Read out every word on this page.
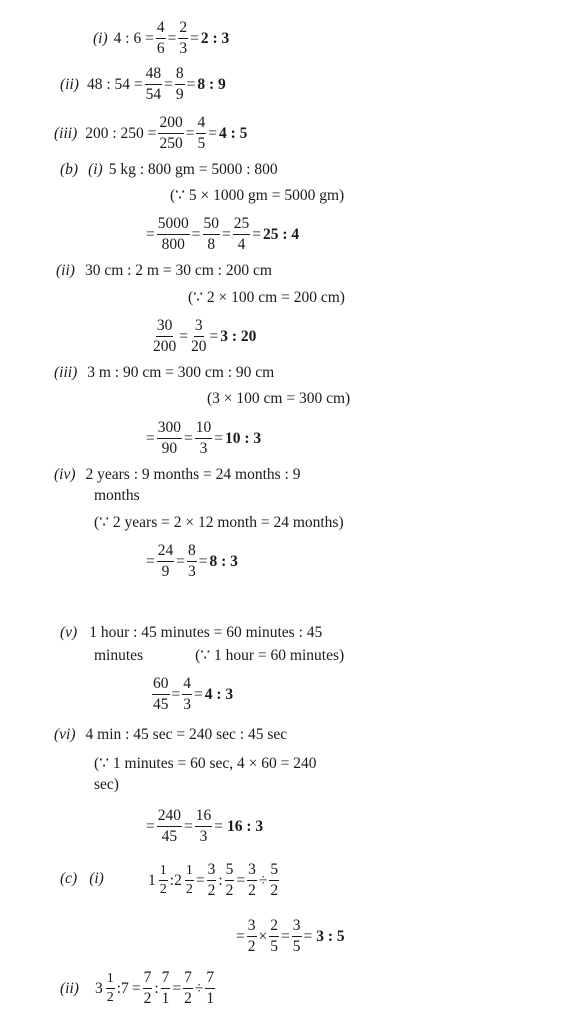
(i) 4 : $6 = \frac{4}{6} = \frac{2}{3} = 2$ : 3
(ii) 48 : $54 = \frac{48}{54} = \frac{8}{9} = 8$ : 9
(iii) 200 : $250 = \frac{200}{250} = \frac{4}{5} = 4$ : 5
(b) (i) 5 kg : 800 gm = 5000 : 800
(∵ 5 × 1000 gm = 5000 gm)
= $\frac{5000}{800} = \frac{50}{8} = \frac{25}{4} = 25$ : 4
(ii) 30 cm : 2 m = 30 cm : 200 cm
(∵ 2 × 100 cm = 200 cm)
$\frac{30}{200} = \frac{3}{20} = 3$ : 20
(iii) 3 m : 90 cm = 300 cm : 90 cm
(3 × 100 cm = 300 cm)
= $\frac{300}{90} = \frac{10}{3} = 10$ : 3
(iv) 2 years : 9 months = 24 months : 9
months
(∵ 2 years = 2 × 12 month = 24 months)
= $\frac{24}{9} = \frac{8}{3} = 8$ : 3
(v) 1 hour : 45 minutes = 60 minutes : 45
minutes	(∵ 1 hour = 60 minutes)
$\frac{60}{45} = \frac{4}{3} = 4$ : 3
(vi) 4 min : 45 sec = 240 sec : 45 sec
(∵ 1 minutes = 60 sec, 4 × 60 = 240
sec)
= $\frac{240}{45} = \frac{16}{3} = 16$ : 3
(c) (i)	$1 \frac{1}{2}$ : $2 \frac{1}{2} = \frac{3}{2}$ : $\frac{5}{2} = \frac{3}{2} \div \frac{5}{2}$
= $\frac{3}{2} \times \frac{2}{5} = \frac{3}{5} = 3$ : 5
(ii) $3 \frac{1}{2}$ :7 = $\frac{7}{2}$ : $\frac{7}{1} = \frac{7}{2} \div \frac{7}{1}$
